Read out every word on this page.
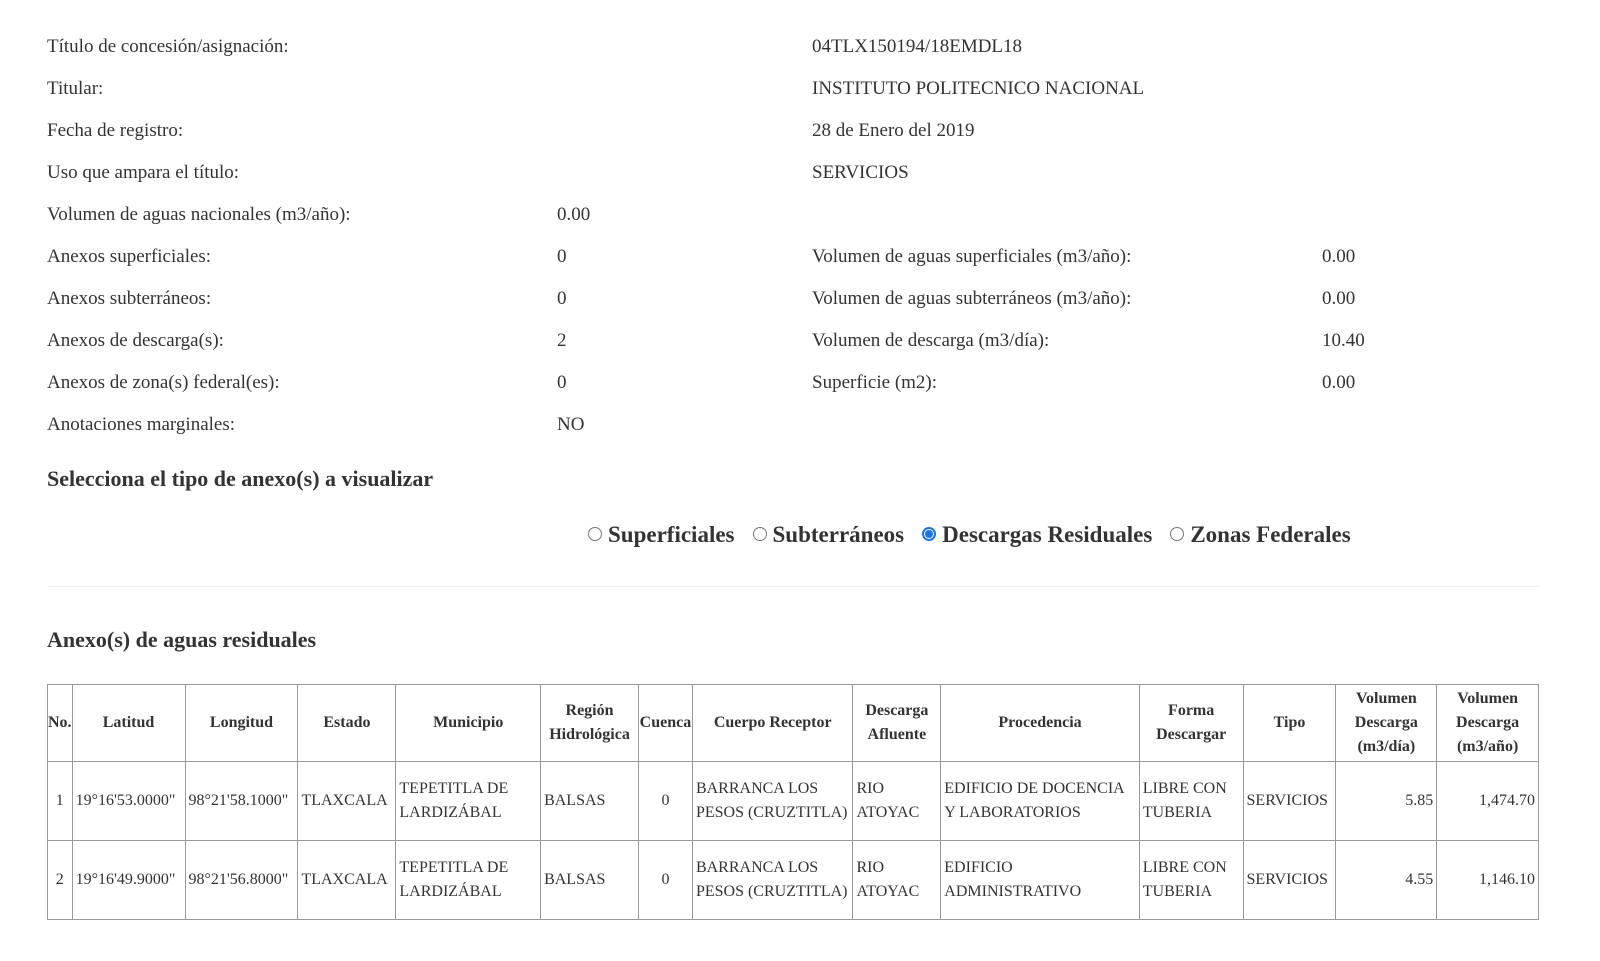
Título de concesión/asignación:	04TLX150194/18EMDL18
Titular:	INSTITUTO POLITECNICO NACIONAL
Fecha de registro:	28 de Enero del 2019
Uso que ampara el título:	SERVICIOS
Volumen de aguas nacionales (m3/año):	0.00
Anexos superficiales:	0	Volumen de aguas superficiales (m3/año):	0.00
Anexos subterráneos:	0	Volumen de aguas subterráneos (m3/año):	0.00
Anexos de descarga(s):	2	Volumen de descarga (m3/día):	10.40
Anexos de zona(s) federal(es):	0	Superficie (m2):	0.00
Anotaciones marginales:	NO
Selecciona el tipo de anexo(s) a visualizar
Superficiales Subterráneos Descargas Residuales Zonas Federales
Anexo(s) de aguas residuales
No.	Latitud	Longitud	Estado	Municipio	Región Hidrológica	Cuenca	Cuerpo Receptor	Descarga Afluente	Procedencia	Forma Descargar	Tipo	Volumen Descarga (m3/día)	Volumen Descarga (m3/año)
1	19°16'53.0000"	98°21'58.1000"	TLAXCALA	TEPETITLA DE LARDIZÁBAL	BALSAS	0	BARRANCA LOS PESOS (CRUZTITLA)	RIO ATOYAC	EDIFICIO DE DOCENCIA Y LABORATORIOS	LIBRE CON TUBERIA	SERVICIOS	5.85	1,474.70
2	19°16'49.9000"	98°21'56.8000"	TLAXCALA	TEPETITLA DE LARDIZÁBAL	BALSAS	0	BARRANCA LOS PESOS (CRUZTITLA)	RIO ATOYAC	EDIFICIO ADMINISTRATIVO	LIBRE CON TUBERIA	SERVICIOS	4.55	1,146.10
